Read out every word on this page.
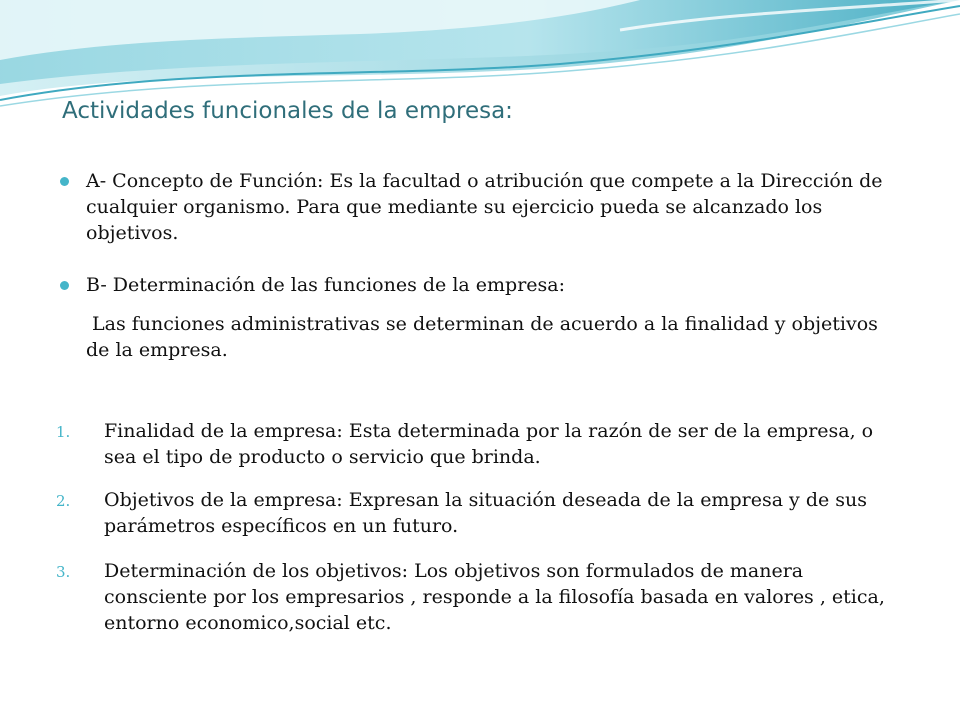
Actividades funcionales de la empresa:
A- Concepto de Función: Es la facultad o atribución que compete a la Dirección de cualquier organismo. Para que mediante su ejercicio pueda se alcanzado los objetivos.
B- Determinación de las funciones de la empresa:
Las funciones administrativas se determinan de acuerdo a la finalidad y objetivos de la empresa.
1. Finalidad de la empresa: Esta determinada por la razón de ser de la empresa, o sea el tipo de producto o servicio que brinda.
2. Objetivos de la empresa: Expresan la situación deseada de la empresa y de sus parámetros específicos en un futuro.
3. Determinación de los objetivos: Los objetivos son formulados de manera consciente por los empresarios , responde a la filosofía basada en valores , etica, entorno economico,social etc.
